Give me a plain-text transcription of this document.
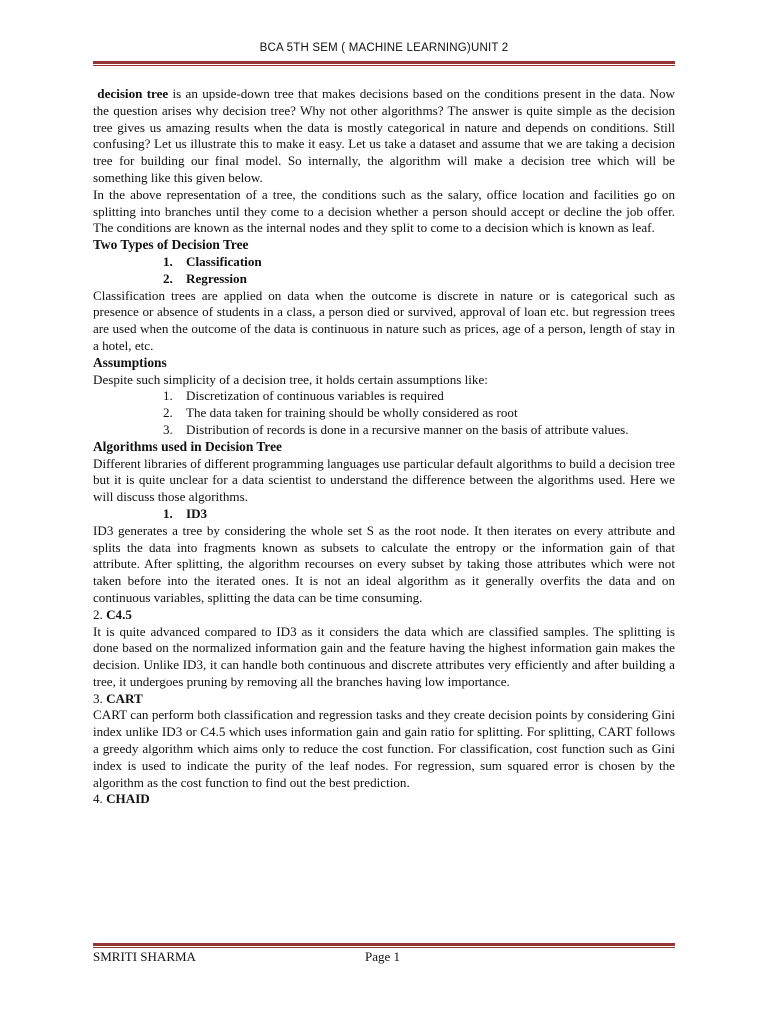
BCA 5TH SEM ( MACHINE LEARNING)UNIT 2

decision tree is an upside-down tree that makes decisions based on the conditions present in the data. Now the question arises why decision tree? Why not other algorithms? The answer is quite simple as the decision tree gives us amazing results when the data is mostly categorical in nature and depends on conditions. Still confusing? Let us illustrate this to make it easy. Let us take a dataset and assume that we are taking a decision tree for building our final model. So internally, the algorithm will make a decision tree which will be something like this given below.

In the above representation of a tree, the conditions such as the salary, office location and facilities go on splitting into branches until they come to a decision whether a person should accept or decline the job offer. The conditions are known as the internal nodes and they split to come to a decision which is known as leaf.

Two Types of Decision Tree
1. Classification
2. Regression

Classification trees are applied on data when the outcome is discrete in nature or is categorical such as presence or absence of students in a class, a person died or survived, approval of loan etc. but regression trees are used when the outcome of the data is continuous in nature such as prices, age of a person, length of stay in a hotel, etc.

Assumptions

Despite such simplicity of a decision tree, it holds certain assumptions like:

1. Discretization of continuous variables is required
2. The data taken for training should be wholly considered as root
3. Distribution of records is done in a recursive manner on the basis of attribute values.
Algorithms used in Decision Tree

Different libraries of different programming languages use particular default algorithms to build a decision tree but it is quite unclear for a data scientist to understand the difference between the algorithms used. Here we will discuss those algorithms.

1. ID3

ID3 generates a tree by considering the whole set S as the root node. It then iterates on every attribute and splits the data into fragments known as subsets to calculate the entropy or the information gain of that attribute. After splitting, the algorithm recourses on every subset by taking those attributes which were not taken before into the iterated ones. It is not an ideal algorithm as it generally overfits the data and on continuous variables, splitting the data can be time consuming.

2. C4.5

It is quite advanced compared to ID3 as it considers the data which are classified samples. The splitting is done based on the normalized information gain and the feature having the highest information gain makes the decision. Unlike ID3, it can handle both continuous and discrete attributes very efficiently and after building a tree, it undergoes pruning by removing all the branches having low importance.

3. CART

CART can perform both classification and regression tasks and they create decision points by considering Gini index unlike ID3 or C4.5 which uses information gain and gain ratio for splitting. For splitting, CART follows a greedy algorithm which aims only to reduce the cost function. For classification, cost function such as Gini index is used to indicate the purity of the leaf nodes. For regression, sum squared error is chosen by the algorithm as the cost function to find out the best prediction.

4. CHAID

SMRITI SHARMA	Page 1
